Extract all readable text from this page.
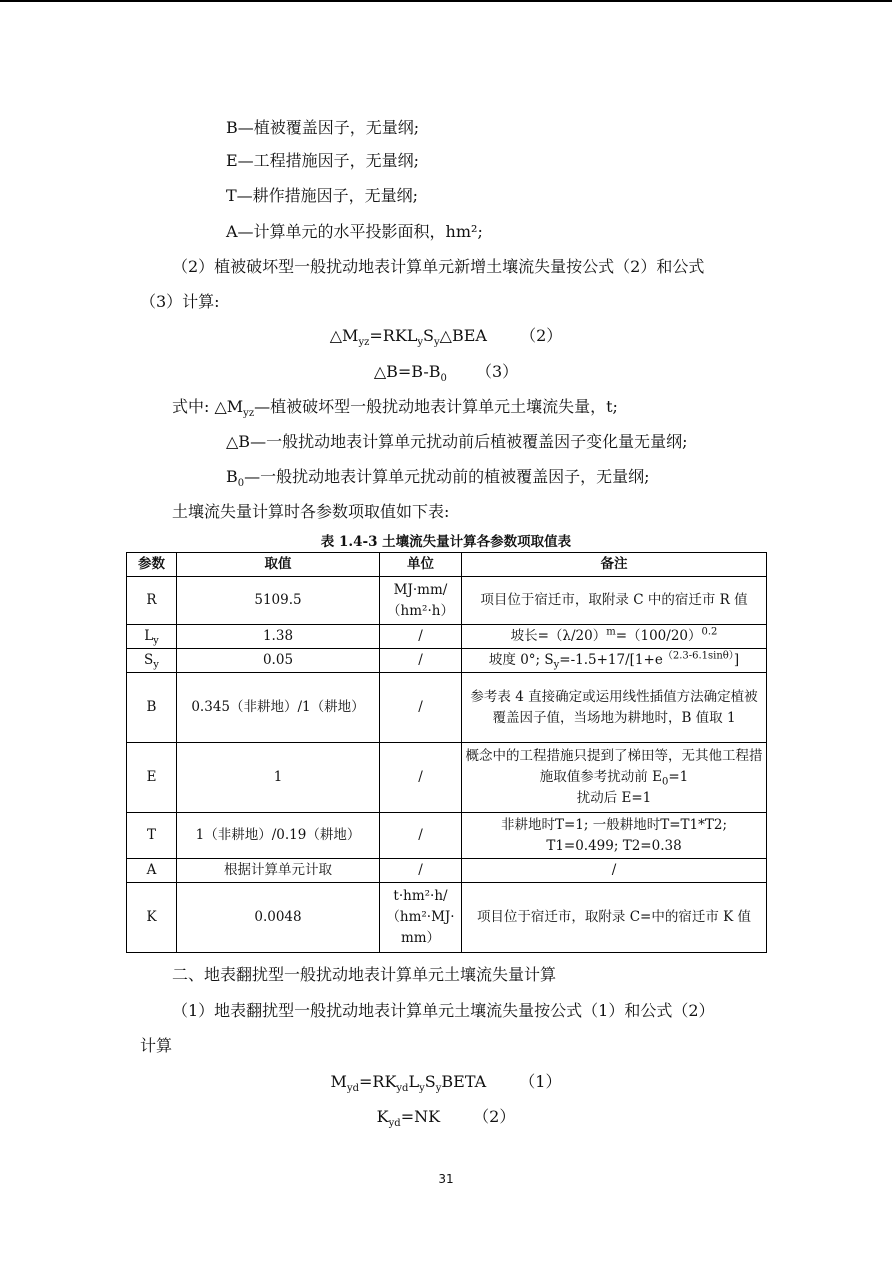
B—植被覆盖因子，无量纲;
E—工程措施因子，无量纲;
T—耕作措施因子，无量纲;
A—计算单元的水平投影面积，hm²;
（2）植被破坏型一般扰动地表计算单元新增土壤流失量按公式（2）和公式
（3）计算:
$\triangle M_{yz}=RKL_yS_y\triangle BEA$ （2）
$\triangle B=B-B_0$ （3）
式中: $\triangle M_{yz}—$植被破坏型一般扰动地表计算单元土壤流失量，t;
△B—一般扰动地表计算单元扰动前后植被覆盖因子变化量无量纲;
$B_0—$一般扰动地表计算单元扰动前的植被覆盖因子，无量纲;
土壤流失量计算时各参数项取值如下表:
表 1.4-3 土壤流失量计算各参数项取值表
参数	取值	单位	备注
R	5109.5	MJ·mm/（hm²·h）	项目位于宿迁市，取附录 C 中的宿迁市 R 值
$L_y$	1.38	/	坡长$=(\lambda/20)^m=(100/20)^{0.2}$
$S_y$	0.05	/	坡度 0°; $S_y=-1.5+17/[1+e^{(2.3-6.1sin\theta)}]$
B	0.345（非耕地）/1（耕地）	/	参考表 4 直接确定或运用线性插值方法确定植被覆盖因子值，当场地为耕地时，B 值取 1
E	1	/	概念中的工程措施只提到了梯田等，无其他工程措施取值参考扰动前 $E_0=1$
扰动后 E=1
T	1（非耕地）/0.19（耕地）	/	非耕地时T=1; 一般耕地时T=T1*T2;
T1=0.499; T2=0.38
A	根据计算单元计取	/	/
K	0.0048	t·hm²·h/（hm²·MJ·mm）	项目位于宿迁市，取附录 C=中的宿迁市 K 值
二、地表翻扰型一般扰动地表计算单元土壤流失量计算
（1）地表翻扰型一般扰动地表计算单元土壤流失量按公式（1）和公式（2）
计算
$M_{yd}=RK_{yd}L_yS_yBETA$ （1）
$K_{yd}=NK$ （2）
31
